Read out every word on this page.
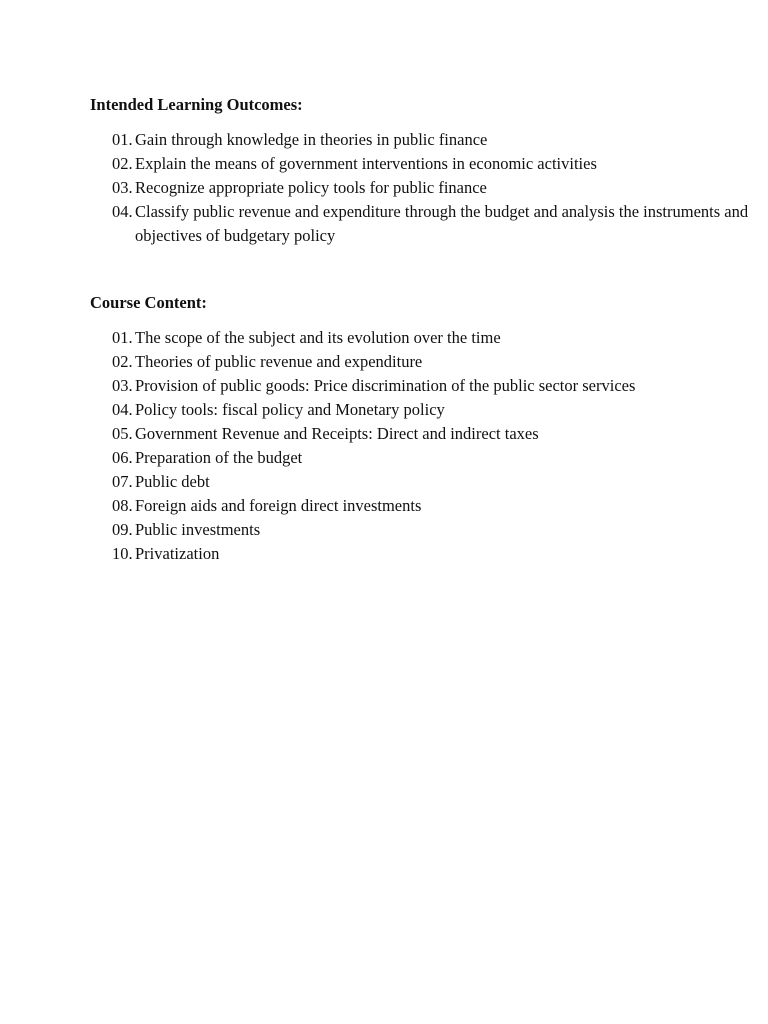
Intended Learning Outcomes:
01. Gain through knowledge in theories in public finance
02. Explain the means of government interventions in economic activities
03. Recognize appropriate policy tools for public finance
04. Classify public revenue and expenditure through the budget and analysis the instruments and objectives of budgetary policy
Course Content:
01. The scope of the subject and its evolution over the time
02. Theories of public revenue and expenditure
03. Provision of public goods: Price discrimination of the public sector services
04. Policy tools: fiscal policy and Monetary policy
05. Government Revenue and Receipts: Direct and indirect taxes
06. Preparation of the budget
07. Public debt
08. Foreign aids and foreign direct investments
09. Public investments
10. Privatization
